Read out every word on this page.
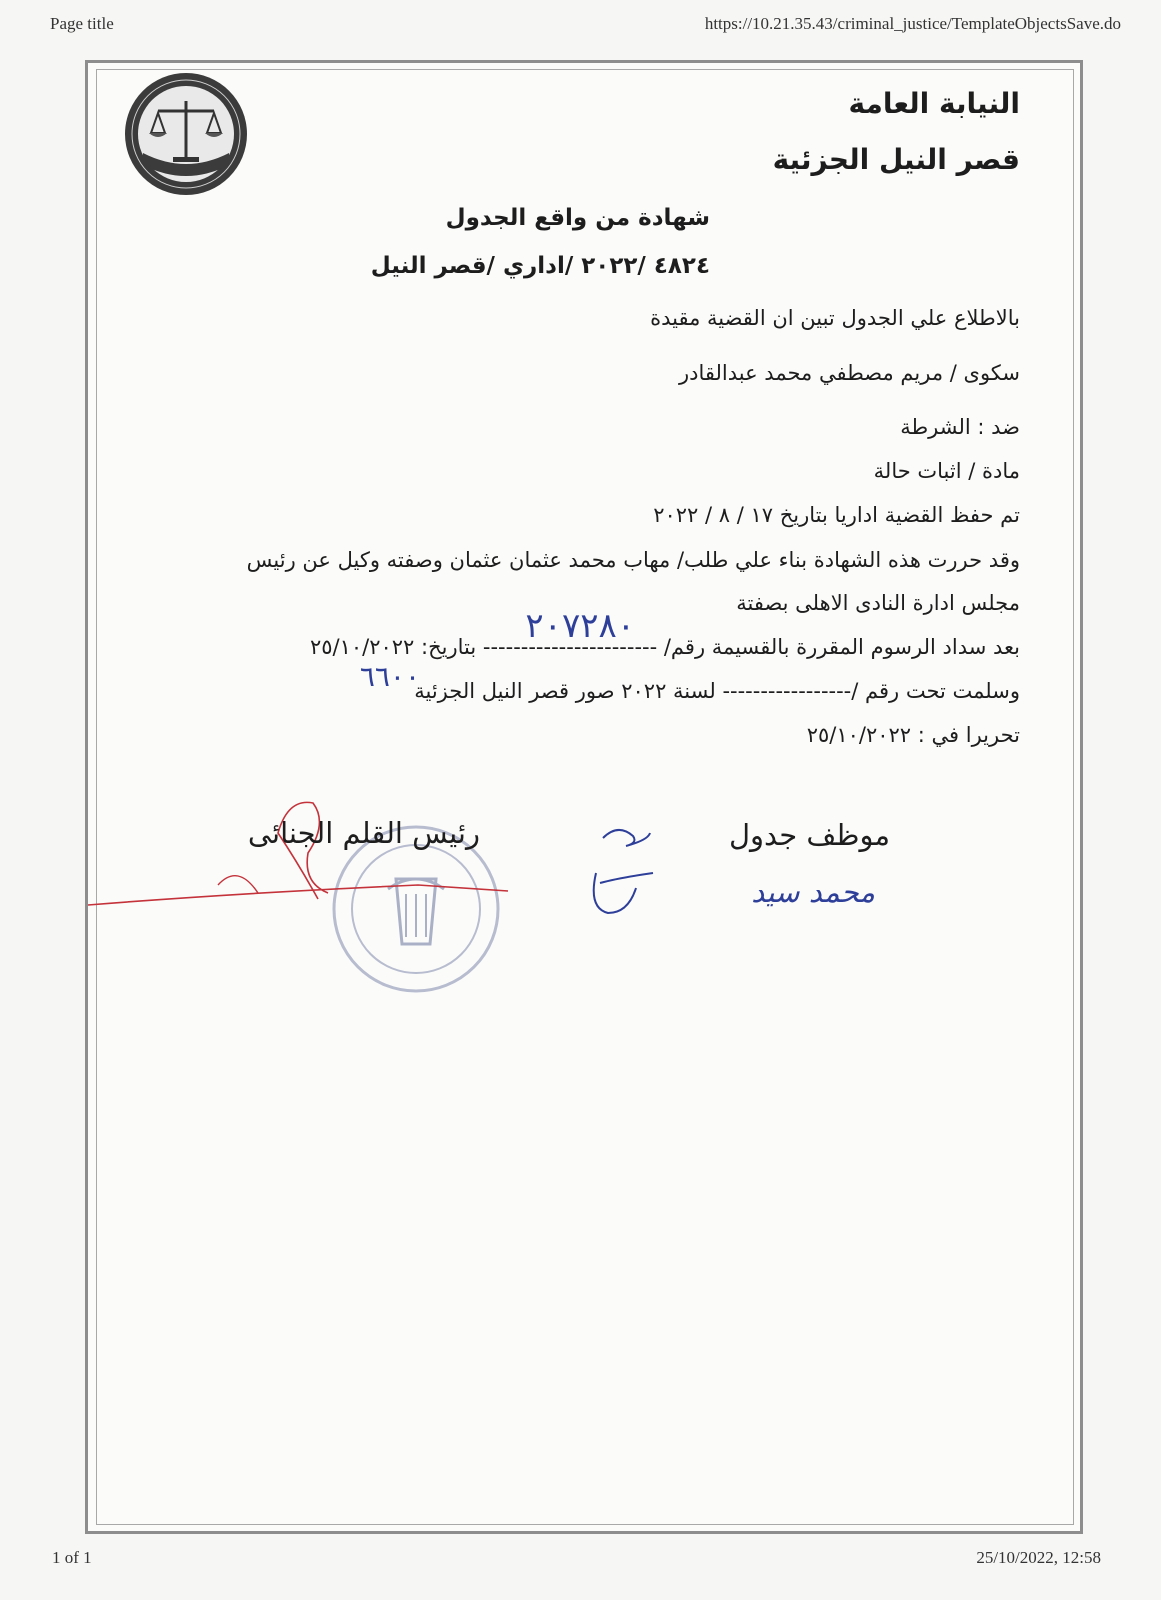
Page title	https://10.21.35.43/criminal_justice/TemplateObjectsSave.do
النيابة العامة
قصر النيل الجزئية
شهادة من واقع الجدول
٤٨٢٤ /٢٠٢٢ /اداري /قصر النيل
بالاطلاع علي الجدول تبين ان القضية مقيدة
سكوى / مريم مصطفي محمد عبدالقادر
ضد : الشرطة
مادة / اثبات حالة
تم حفظ القضية اداريا بتاريخ ١٧ / ٨ / ٢٠٢٢
وقد حررت هذه الشهادة بناء علي طلب/ مهاب محمد عثمان عثمان وصفته وكيل عن رئيس
مجلس ادارة النادى الاهلى بصفتة
بعد سداد الرسوم المقررة بالقسيمة رقم/ ----------------------- بتاريخ: ٢٥/١٠/٢٠٢٢
٢٠٧٢٨٠
وسلمت تحت رقم /----------------- لسنة ٢٠٢٢ صور قصر النيل الجزئية
٦٦٠٠
تحريرا في : ٢٥/١٠/٢٠٢٢
رئيس القلم الجنائى	موظف جدول
محمد سيد
1 of 1	25/10/2022, 12:58
